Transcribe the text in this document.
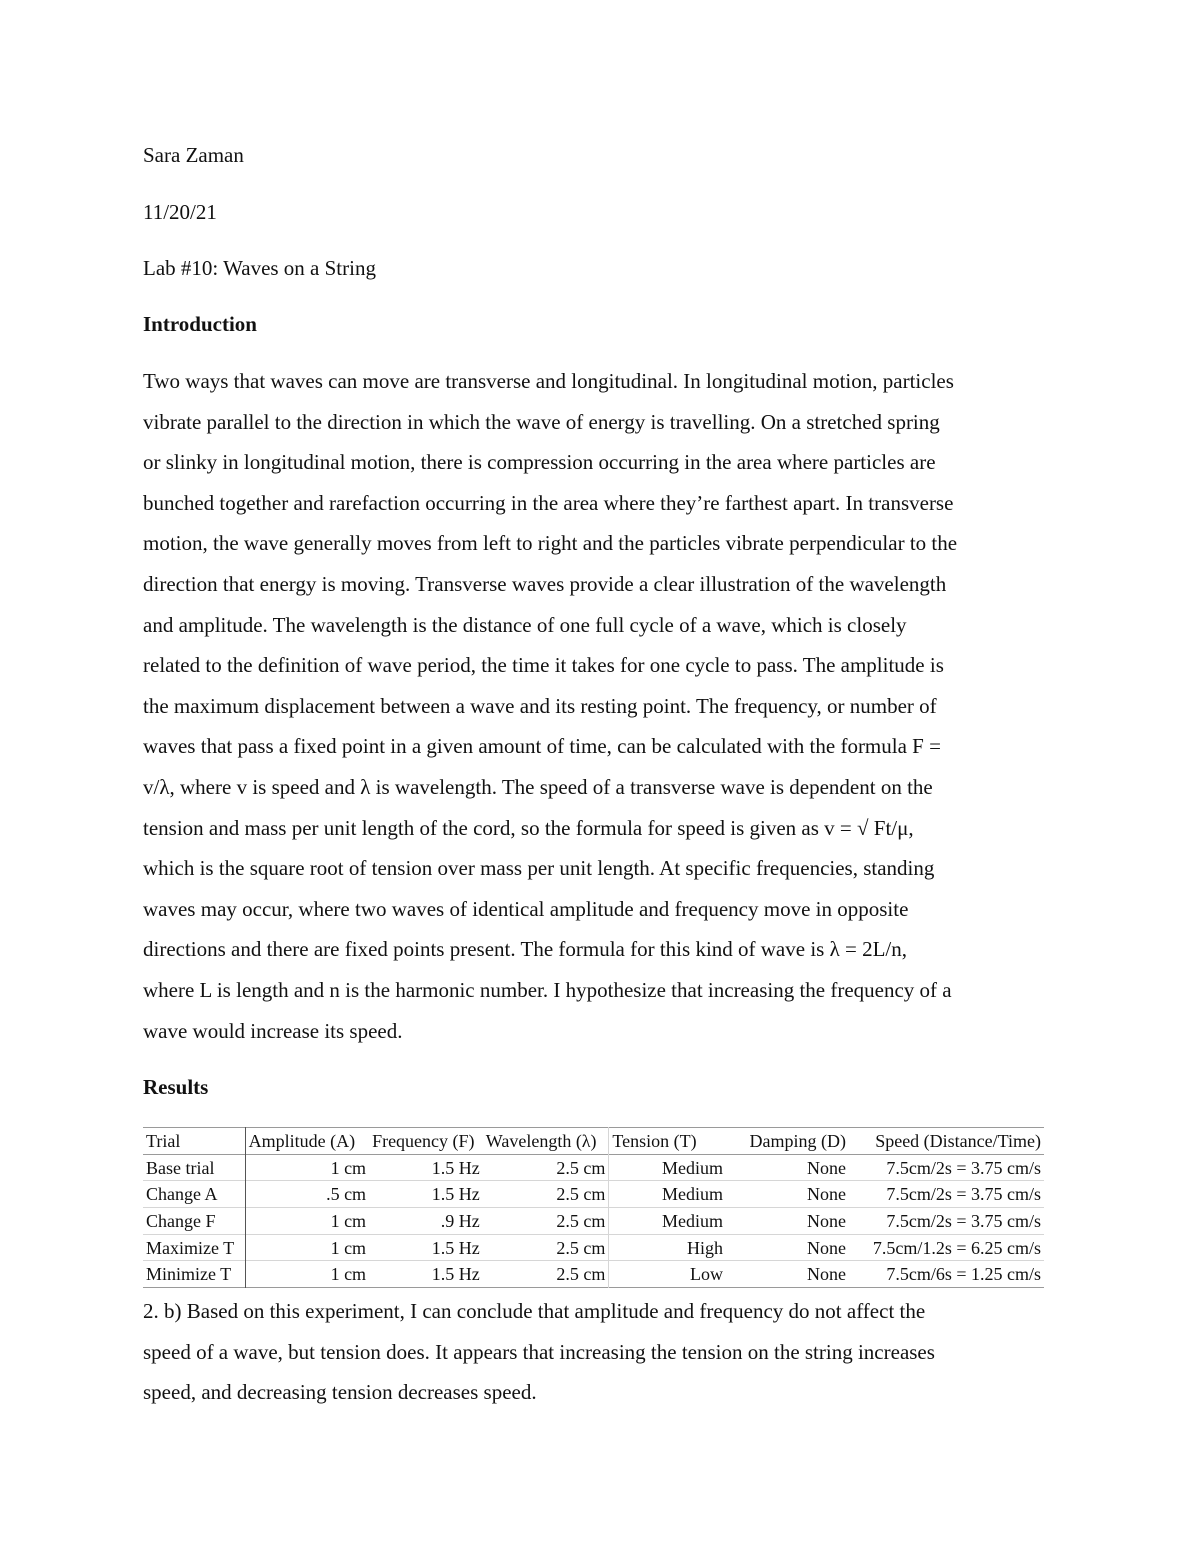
Sara Zaman
11/20/21
Lab #10: Waves on a String
Introduction
Two ways that waves can move are transverse and longitudinal. In longitudinal motion, particles
vibrate parallel to the direction in which the wave of energy is travelling. On a stretched spring
or slinky in longitudinal motion, there is compression occurring in the area where particles are
bunched together and rarefaction occurring in the area where they’re farthest apart. In transverse
motion, the wave generally moves from left to right and the particles vibrate perpendicular to the
direction that energy is moving. Transverse waves provide a clear illustration of the wavelength
and amplitude. The wavelength is the distance of one full cycle of a wave, which is closely
related to the definition of wave period, the time it takes for one cycle to pass. The amplitude is
the maximum displacement between a wave and its resting point. The frequency, or number of
waves that pass a fixed point in a given amount of time, can be calculated with the formula F =
v/λ, where v is speed and λ is wavelength. The speed of a transverse wave is dependent on the
tension and mass per unit length of the cord, so the formula for speed is given as v = √ Ft/μ,
which is the square root of tension over mass per unit length. At specific frequencies, standing
waves may occur, where two waves of identical amplitude and frequency move in opposite
directions and there are fixed points present. The formula for this kind of wave is λ = 2L/n,
where L is length and n is the harmonic number. I hypothesize that increasing the frequency of a
wave would increase its speed.
Results
Trial	Amplitude (A)	Frequency (F)	Wavelength (λ)	Tension (T)	Damping (D)	Speed (Distance/Time)
Base trial	1 cm	1.5 Hz	2.5 cm	Medium	None	7.5cm/2s = 3.75 cm/s
Change A	.5 cm	1.5 Hz	2.5 cm	Medium	None	7.5cm/2s = 3.75 cm/s
Change F	1 cm	.9 Hz	2.5 cm	Medium	None	7.5cm/2s = 3.75 cm/s
Maximize T	1 cm	1.5 Hz	2.5 cm	High	None	7.5cm/1.2s = 6.25 cm/s
Minimize T	1 cm	1.5 Hz	2.5 cm	Low	None	7.5cm/6s = 1.25 cm/s
2. b) Based on this experiment, I can conclude that amplitude and frequency do not affect the
speed of a wave, but tension does. It appears that increasing the tension on the string increases
speed, and decreasing tension decreases speed.
